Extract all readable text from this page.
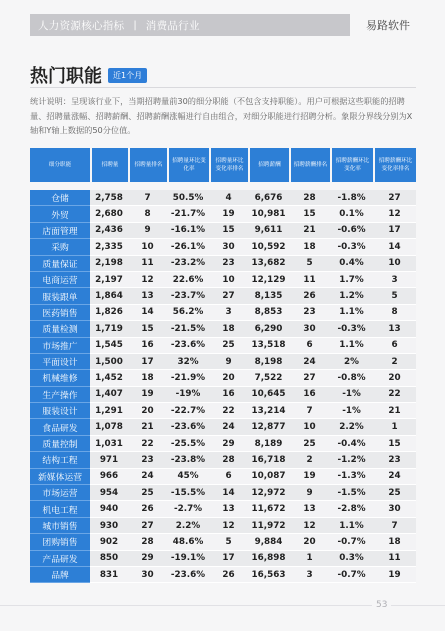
人力资源核心指标 | 消费品行业	易路软件
热门职能	近1个月

统计说明：呈现该行业下，当期招聘量前30的细分职能（不包含支持职能）。用户可根据这些职能的招聘量、招聘量涨幅、招聘薪酬、招聘薪酬涨幅进行自由组合，对细分职能进行招聘分析。象限分界线分别为X轴和Y轴上数据的50分位值。

细分职能	招聘量	招聘量排名	招聘量环比变化率	招聘量环比变化率排名	招聘薪酬	招聘薪酬排名	招聘薪酬环比变化率	招聘薪酬环比变化率排名

仓储	2,758	7	50.5%	4	6,676	28	-1.8%	27
外贸	2,680	8	-21.7%	19	10,981	15	0.1%	12
店面管理	2,436	9	-16.1%	15	9,611	21	-0.6%	17
采购	2,335	10	-26.1%	30	10,592	18	-0.3%	14
质量保证	2,198	11	-23.2%	23	13,682	5	0.4%	10
电商运营	2,197	12	22.6%	10	12,129	11	1.7%	3
服装跟单	1,864	13	-23.7%	27	8,135	26	1.2%	5
医药销售	1,826	14	56.2%	3	8,853	23	1.1%	8
质量检测	1,719	15	-21.5%	18	6,290	30	-0.3%	13
市场推广	1,545	16	-23.6%	25	13,518	6	1.1%	6
平面设计	1,500	17	32%	9	8,198	24	2%	2
机械维修	1,452	18	-21.9%	20	7,522	27	-0.8%	20
生产操作	1,407	19	-19%	16	10,645	16	-1%	22
服装设计	1,291	20	-22.7%	22	13,214	7	-1%	21
食品研发	1,078	21	-23.6%	24	12,877	10	2.2%	1
质量控制	1,031	22	-25.5%	29	8,189	25	-0.4%	15
结构工程	971	23	-23.8%	28	16,718	2	-1.2%	23
新媒体运营	966	24	45%	6	10,087	19	-1.3%	24
市场运营	954	25	-15.5%	14	12,972	9	-1.5%	25
机电工程	940	26	-2.7%	13	11,672	13	-2.8%	30
城市销售	930	27	2.2%	12	11,972	12	1.1%	7
团购销售	902	28	48.6%	5	9,884	20	-0.7%	18
产品研发	850	29	-19.1%	17	16,898	1	0.3%	11
品牌	831	30	-23.6%	26	16,563	3	-0.7%	19
53
